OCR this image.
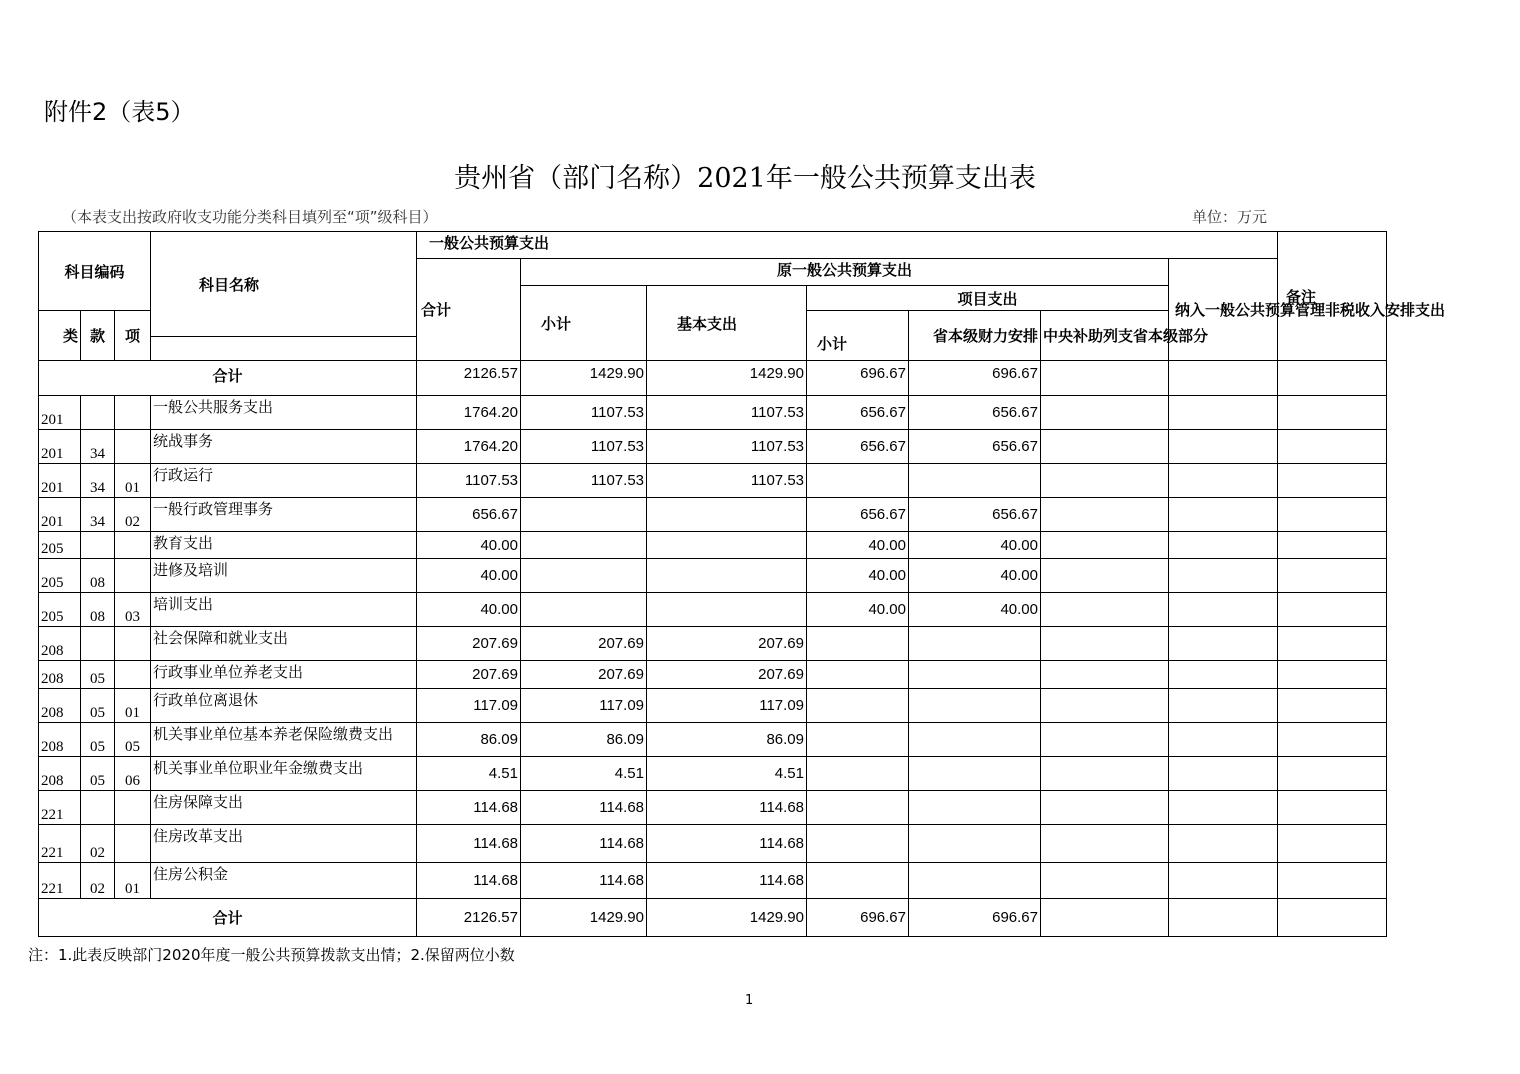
附件2（表5）
贵州省（部门名称）2021年一般公共预算支出表
（本表支出按政府收支功能分类科目填列至“项”级科目）	单位：万元
科目编码			科目名称	一般公共预算支出							备注
				合计	原一般公共预算支出					纳入一般公共预算管理非税收入安排支出	
					小计	基本支出	项目支出				
类	款	项					小计	省本级财力安排	中央补助列支省本级部分		

合计				2126.57	1429.90	1429.90	696.67	696.67			
201			一般公共服务支出	1764.20	1107.53	1107.53	656.67	656.67			
201	34		统战事务	1764.20	1107.53	1107.53	656.67	656.67			
201	34	01	行政运行	1107.53	1107.53	1107.53					
201	34	02	一般行政管理事务	656.67			656.67	656.67			
205			教育支出	40.00			40.00	40.00			
205	08		进修及培训	40.00			40.00	40.00			
205	08	03	培训支出	40.00			40.00	40.00			
208			社会保障和就业支出	207.69	207.69	207.69					
208	05		行政事业单位养老支出	207.69	207.69	207.69					
208	05	01	行政单位离退休	117.09	117.09	117.09					
208	05	05	机关事业单位基本养老保险缴费支出	86.09	86.09	86.09					
208	05	06	机关事业单位职业年金缴费支出	4.51	4.51	4.51					
221			住房保障支出	114.68	114.68	114.68					
221	02		住房改革支出	114.68	114.68	114.68					
221	02	01	住房公积金	114.68	114.68	114.68					
合计				2126.57	1429.90	1429.90	696.67	696.67			
注：1.此表反映部门2020年度一般公共预算拨款支出情；2.保留两位小数
1
